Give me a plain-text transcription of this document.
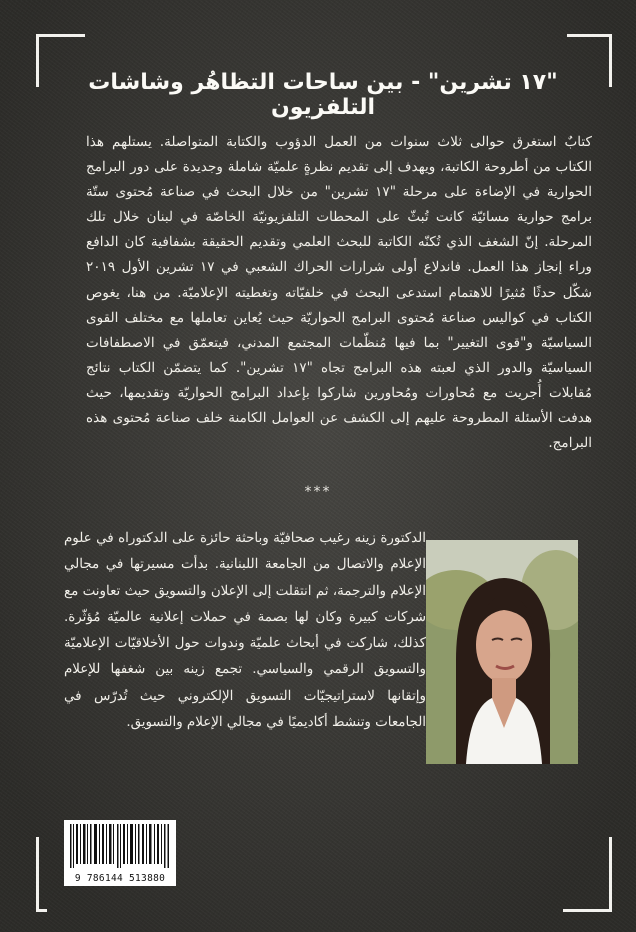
"١٧ تشرين" - بين ساحات التظاهُر وشاشات التلفزيون

كتابٌ استغرق حوالى ثلاث سنوات من العمل الدؤوب والكتابة المتواصلة. يستلهم هذا الكتاب من أطروحة الكاتبة، ويهدف إلى تقديم نظرةٍ علميّة شاملة وجديدة على دور البرامج الحوارية في الإضاءة على مرحلة "١٧ تشرين" من خلال البحث في صناعة مُحتوى ستّة برامج حوارية مسائيّة كانت تُبثّ على المحطات التلفزيونيّة الخاصّة في لبنان خلال تلك المرحلة. إنّ الشغف الذي تُكنّه الكاتبة للبحث العلمي وتقديم الحقيقة بشفافية كان الدافع وراء إنجاز هذا العمل. فاندلاع أولى شرارات الحراك الشعبي في ١٧ تشرين الأول ٢٠١٩ شكّل حدثًا مُثيرًا للاهتمام استدعى البحث في خلفيّاته وتغطيته الإعلاميّة. من هنا، يغوص الكتاب في كواليس صناعة مُحتوى البرامج الحواريّة حيث يُعاين تعاملها مع مختلف القوى السياسيّة و"قوى التغيير" بما فيها مُنظّمات المجتمع المدني، فيتعمّق في الاصطفافات السياسيّة والدور الذي لعبته هذه البرامج تجاه "١٧ تشرين". كما يتضمّن الكتاب نتائج مُقابلات أُجريت مع مُحاورات ومُحاورين شاركوا بإعداد البرامج الحواريّة وتقديمها، حيث هدفت الأسئلة المطروحة عليهم إلى الكشف عن العوامل الكامنة خلف صناعة مُحتوى هذه البرامج.

***

الدكتورة زينه رغيب صحافيّة وباحثة حائزة على الدكتوراه في علوم الإعلام والاتصال من الجامعة اللبنانية. بدأت مسيرتها في مجالي الإعلام والترجمة، ثم انتقلت إلى الإعلان والتسويق حيث تعاونت مع شركات كبيرة وكان لها بصمة في حملات إعلانية عالميّة مُؤثّرة. كذلك، شاركت في أبحاث علميّة وندوات حول الأخلاقيّات الإعلاميّة والتسويق الرقمي والسياسي. تجمع زينه بين شغفها للإعلام وإتقانها لاستراتيجيّات التسويق الإلكتروني حيث تُدرّس في الجامعات وتنشط أكاديميًا في مجالي الإعلام والتسويق.

9 786144 513880
